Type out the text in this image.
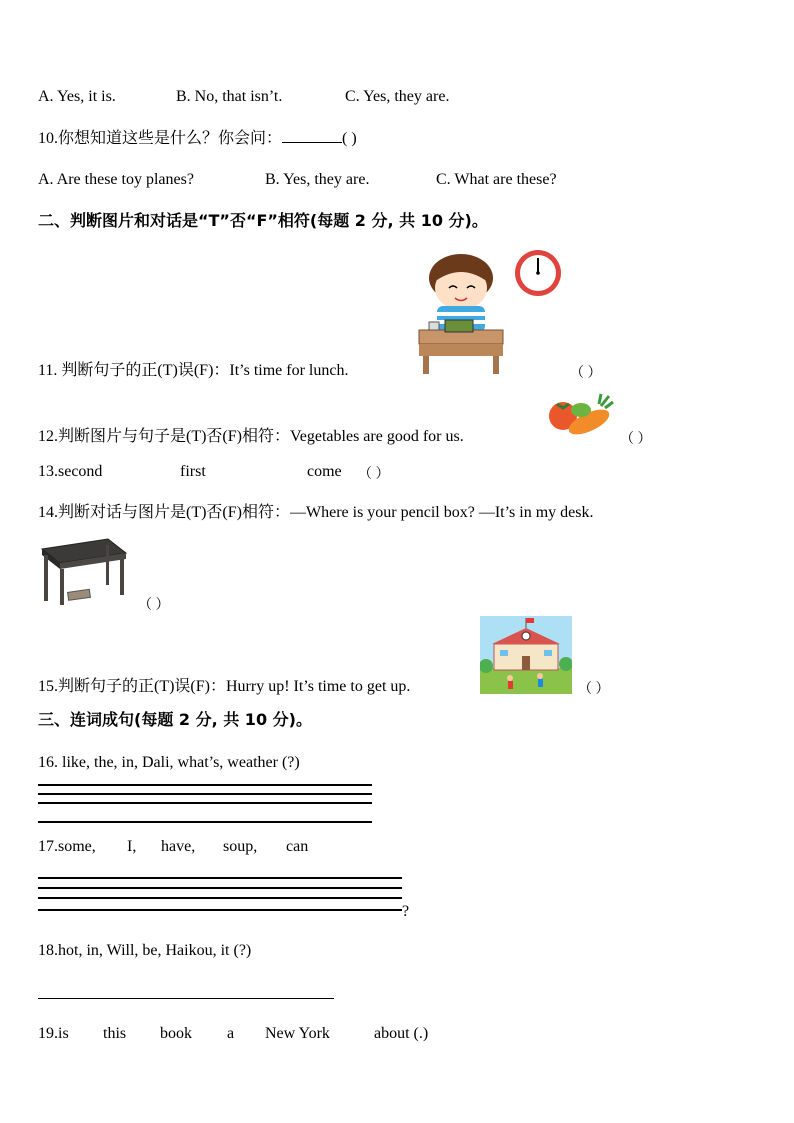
A. Yes, it is.	B. No, that isn’t.	C. Yes, they are.
10.你想知道这些是什么？你会问：	( )
A. Are these toy planes?	B. Yes, they are.	C. What are these?
二、判断图片和对话是“T”否“F”相符(每题 2 分, 共 10 分)。
11. 判断句子的正(T)误(F)：It’s time for lunch.	（ ）
12.判断图片与句子是(T)否(F)相符：Vegetables are good for us.	（ ）
13.second	first	come （ ）
14.判断对话与图片是(T)否(F)相符：—Where is your pencil box? —It’s in my desk.
（ ）
15.判断句子的正(T)误(F)：Hurry up! It’s time to get up.	（ ）
三、连词成句(每题 2 分, 共 10 分)。
16. like, the, in, Dali, what’s, weather (?)
17.some, I, have, soup, can
?
18.hot, in, Will, be, Haikou, it (?)
19.is this book a New York	about (.)
